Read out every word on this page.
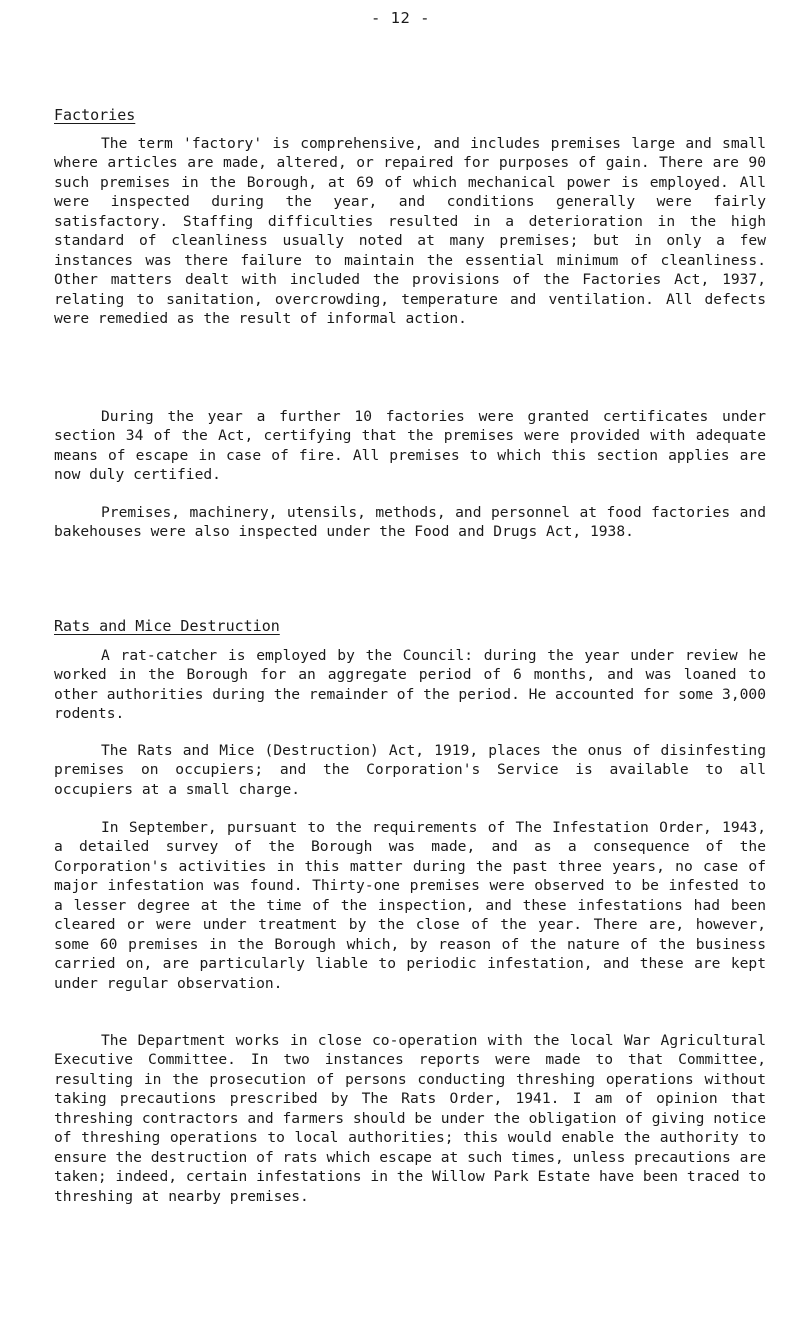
- 12 -
Factories

The term 'factory' is comprehensive, and includes premises large and small where articles are made, altered, or repaired for purposes of gain. There are 90 such premises in the Borough, at 69 of which mechanical power is employed. All were inspected during the year, and conditions generally were fairly satisfactory. Staffing difficulties resulted in a deterioration in the high standard of cleanliness usually noted at many premises; but in only a few instances was there failure to maintain the essential minimum of cleanliness. Other matters dealt with included the provisions of the Factories Act, 1937, relating to sanitation, overcrowding, temperature and ventilation. All defects were remedied as the result of informal action.

During the year a further 10 factories were granted certificates under section 34 of the Act, certifying that the premises were provided with adequate means of escape in case of fire. All premises to which this section applies are now duly certified.

Premises, machinery, utensils, methods, and personnel at food factories and bakehouses were also inspected under the Food and Drugs Act, 1938.

Rats and Mice Destruction

A rat-catcher is employed by the Council: during the year under review he worked in the Borough for an aggregate period of 6 months, and was loaned to other authorities during the remainder of the period. He accounted for some 3,000 rodents.

The Rats and Mice (Destruction) Act, 1919, places the onus of disinfesting premises on occupiers; and the Corporation's Service is available to all occupiers at a small charge.

In September, pursuant to the requirements of The Infestation Order, 1943, a detailed survey of the Borough was made, and as a consequence of the Corporation's activities in this matter during the past three years, no case of major infestation was found. Thirty-one premises were observed to be infested to a lesser degree at the time of the inspection, and these infestations had been cleared or were under treatment by the close of the year. There are, however, some 60 premises in the Borough which, by reason of the nature of the business carried on, are particularly liable to periodic infestation, and these are kept under regular observation.

The Department works in close co-operation with the local War Agricultural Executive Committee. In two instances reports were made to that Committee, resulting in the prosecution of persons conducting threshing operations without taking precautions prescribed by The Rats Order, 1941. I am of opinion that threshing contractors and farmers should be under the obligation of giving notice of threshing operations to local authorities; this would enable the authority to ensure the destruction of rats which escape at such times, unless precautions are taken; indeed, certain infestations in the Willow Park Estate have been traced to threshing at nearby premises.
